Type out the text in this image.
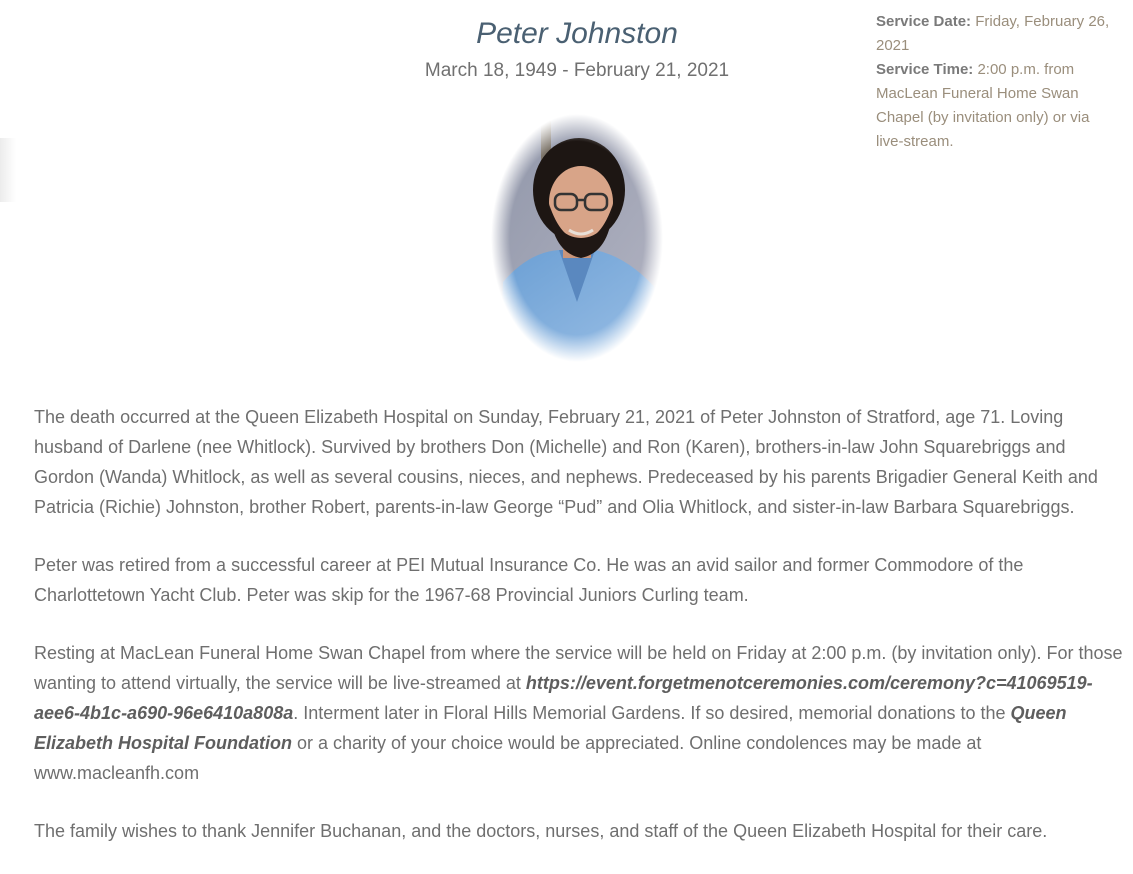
Peter Johnston
March 18, 1949 - February 21, 2021
Service Date: Friday, February 26, 2021
Service Time: 2:00 p.m. from MacLean Funeral Home Swan Chapel (by invitation only) or via live-stream.

The death occurred at the Queen Elizabeth Hospital on Sunday, February 21, 2021 of Peter Johnston of Stratford, age 71. Loving husband of Darlene (nee Whitlock). Survived by brothers Don (Michelle) and Ron (Karen), brothers-in-law John Squarebriggs and Gordon (Wanda) Whitlock, as well as several cousins, nieces, and nephews. Predeceased by his parents Brigadier General Keith and Patricia (Richie) Johnston, brother Robert, parents-in-law George “Pud” and Olia Whitlock, and sister-in-law Barbara Squarebriggs.

Peter was retired from a successful career at PEI Mutual Insurance Co. He was an avid sailor and former Commodore of the Charlottetown Yacht Club. Peter was skip for the 1967-68 Provincial Juniors Curling team.

Resting at MacLean Funeral Home Swan Chapel from where the service will be held on Friday at 2:00 p.m. (by invitation only). For those wanting to attend virtually, the service will be live-streamed at https://event.forgetmenotceremonies.com/ceremony?c=41069519-aee6-4b1c-a690-96e6410a808a. Interment later in Floral Hills Memorial Gardens. If so desired, memorial donations to the Queen Elizabeth Hospital Foundation or a charity of your choice would be appreciated. Online condolences may be made at www.macleanfh.com

The family wishes to thank Jennifer Buchanan, and the doctors, nurses, and staff of the Queen Elizabeth Hospital for their care.
